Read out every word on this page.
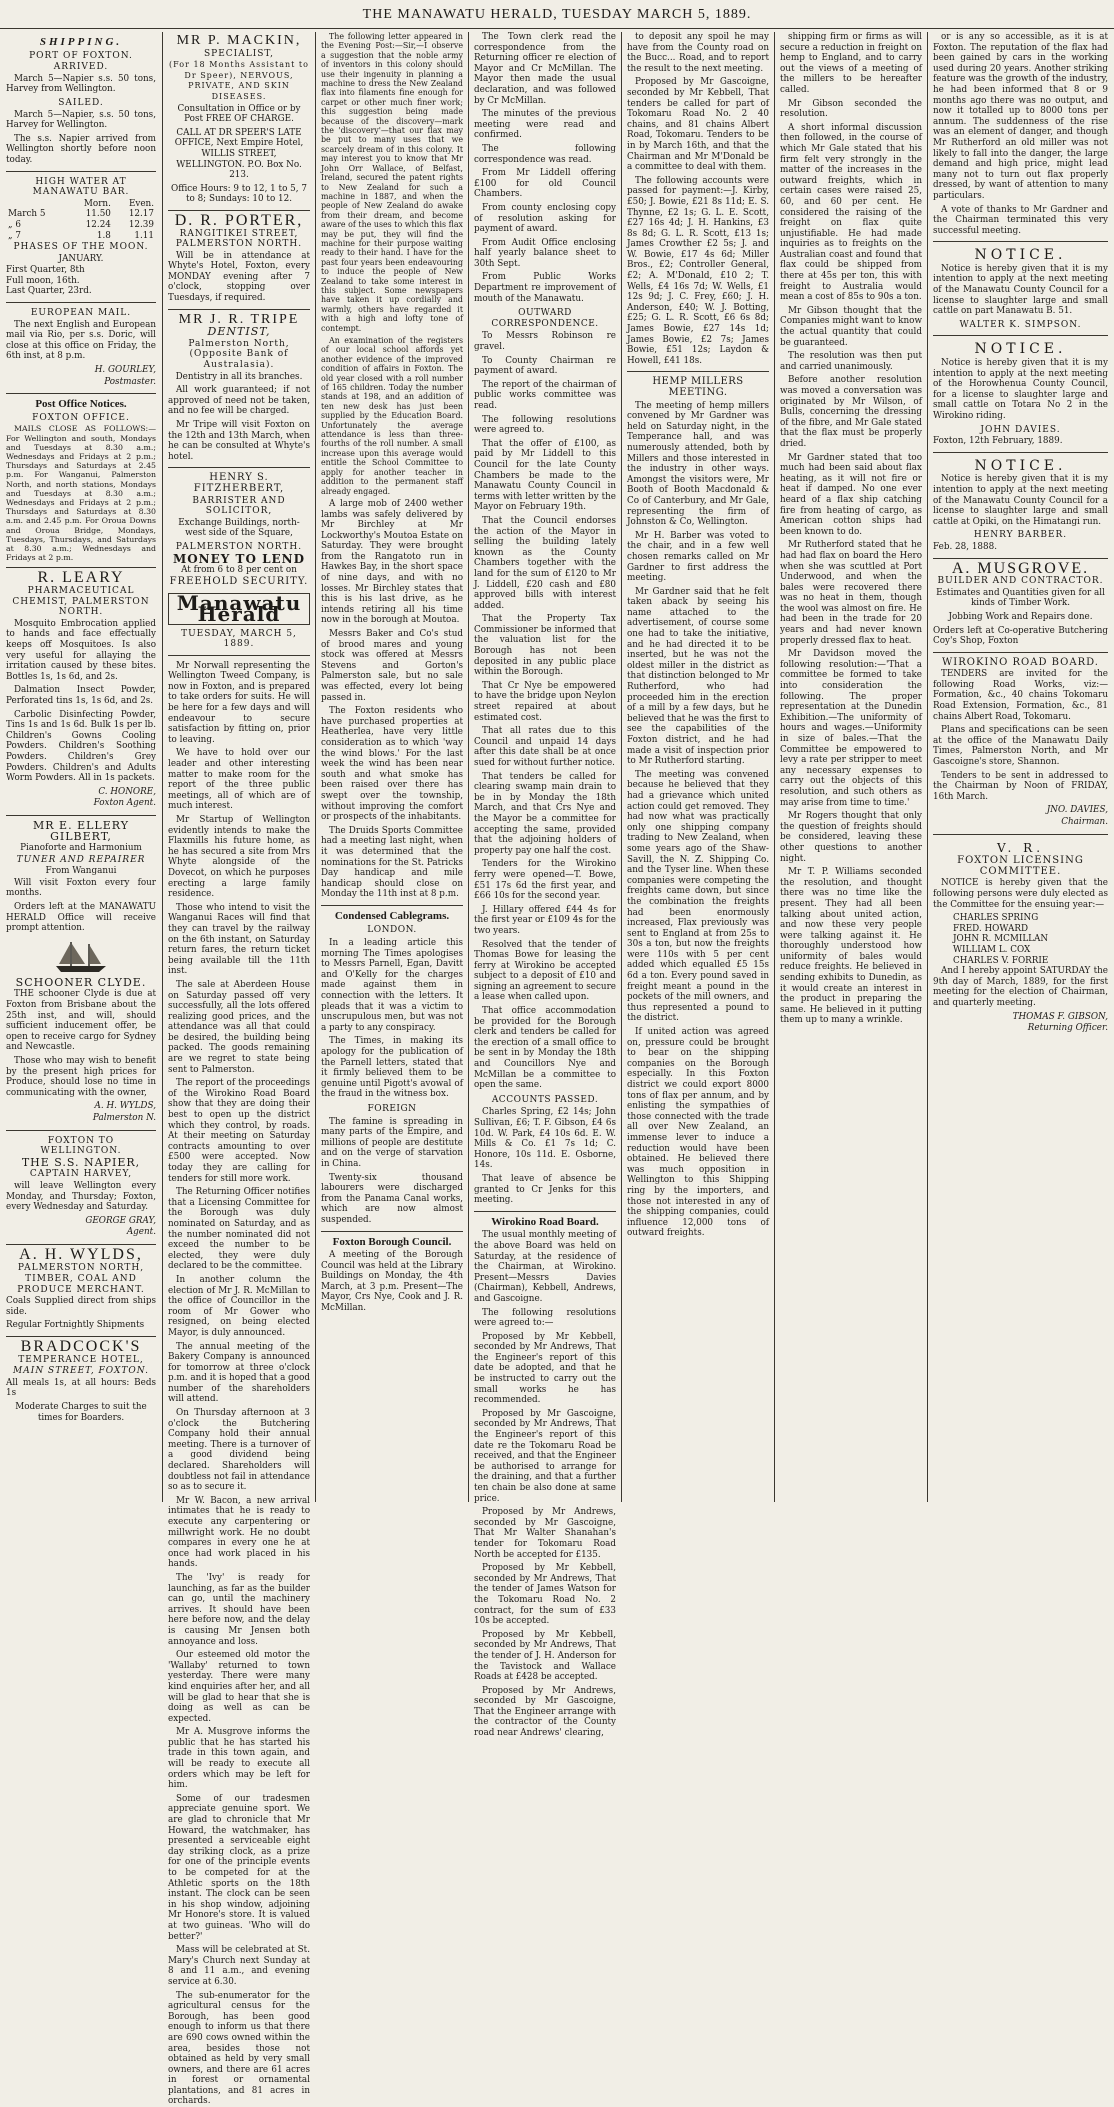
THE MANAWATU HERALD, TUESDAY MARCH 5, 1889.
SHIPPING.
PORT OF FOXTON.
ARRIVED.

March 5—Napier s.s. 50 tons, Harvey from Wellington.

SAILED.

March 5—Napier, s.s. 50 tons, Harvey for Wellington.

The s.s. Napier arrived from Wellington shortly before noon today.

HIGH WATER AT MANAWATU BAR.
	Morn.	Even.
March 5	11.50	12.17
„ 6	12.24	12.39
„ 7	1.8	1.11
PHASES OF THE MOON.
JANUARY.
First Quarter, 8th
Full moon, 16th.
Last Quarter, 23rd.
EUROPEAN MAIL.

The next English and European mail via Rio, per s.s. Doric, will close at this office on Friday, the 6th inst, at 8 p.m.

H. GOURLEY,
Postmaster.
Post Office Notices.
FOXTON OFFICE.

MAILS CLOSE AS FOLLOWS:— For Wellington and south, Mondays and Tuesdays at 8.30 a.m.; Wednesdays and Fridays at 2 p.m.; Thursdays and Saturdays at 2.45 p.m. For Wanganui, Palmerston North, and north stations, Mondays and Tuesdays at 8.30 a.m.; Wednesdays and Fridays at 2 p.m.; Thursdays and Saturdays at 8.30 a.m. and 2.45 p.m. For Oroua Downs and Oroua Bridge, Mondays, Tuesdays, Thursdays, and Saturdays at 8.30 a.m.; Wednesdays and Fridays at 2 p.m.

R. LEARY
PHARMACEUTICAL CHEMIST, PALMERSTON NORTH.

Mosquito Embrocation applied to hands and face effectually keeps off Mosquitoes. Is also very useful for allaying the irritation caused by these bites. Bottles 1s, 1s 6d, and 2s.

Dalmation Insect Powder, Perforated tins 1s, 1s 6d, and 2s.

Carbolic Disinfecting Powder, Tins 1s and 1s 6d. Bulk 1s per lb. Children's Gowns Cooling Powders. Children's Soothing Powders. Children's Grey Powders. Children's and Adults Worm Powders. All in 1s packets.

C. HONORE,
Foxton Agent.
MR E. ELLERY GILBERT,
Pianoforte and Harmonium
TUNER AND REPAIRER
From Wanganui

Will visit Foxton every four months.

Orders left at the MANAWATU HERALD Office will receive prompt attention.

SCHOONER CLYDE.

THE schooner Clyde is due at Foxton from Brisbane about the 25th inst, and will, should sufficient inducement offer, be open to receive cargo for Sydney and Newcastle.

Those who may wish to benefit by the present high prices for Produce, should lose no time in communicating with the owner,

A. H. WYLDS,
Palmerston N.
FOXTON TO WELLINGTON.
THE S.S. NAPIER,
CAPTAIN HARVEY,

will leave Wellington every Monday, and Thursday; Foxton, every Wednesday and Saturday.

GEORGE GRAY,
Agent.
A. H. WYLDS,
PALMERSTON NORTH,
TIMBER, COAL AND PRODUCE MERCHANT.

Coals Supplied direct from ships side.

Regular Fortnightly Shipments

BRADCOCK'S
TEMPERANCE HOTEL,
MAIN STREET, FOXTON.

All meals 1s, at all hours: Beds 1s

Moderate Charges to suit the times for Boarders.

MR P. MACKIN,
SPECIALIST,
(For 18 Months Assistant to Dr Speer), NERVOUS, PRIVATE, AND SKIN DISEASES.

Consultation in Office or by Post FREE OF CHARGE.

CALL AT DR SPEER'S LATE OFFICE, Next Empire Hotel, WILLIS STREET, WELLINGTON. P.O. Box No. 213.

Office Hours: 9 to 12, 1 to 5, 7 to 8; Sundays: 10 to 12.

D. R. PORTER,
RANGITIKEI STREET, PALMERSTON NORTH.

Will be in attendance at Whyte's Hotel, Foxton, every MONDAY evening after 7 o'clock, stopping over Tuesdays, if required.

MR J. R. TRIPE
DENTIST,
Palmerston North, (Opposite Bank of Australasia).

Dentistry in all its branches.

All work guaranteed; if not approved of need not be taken, and no fee will be charged.

Mr Tripe will visit Foxton on the 12th and 13th March, when he can be consulted at Whyte's hotel.

HENRY S. FITZHERBERT,
BARRISTER AND SOLICITOR,

Exchange Buildings, north-west side of the Square,

PALMERSTON NORTH.
MONEY TO LEND
At from 6 to 8 per cent on
FREEHOLD SECURITY.
Manawatu Herald
TUESDAY, MARCH 5, 1889.

Mr Norwall representing the Wellington Tweed Company, is now in Foxton, and is prepared to take orders for suits. He will be here for a few days and will endeavour to secure satisfaction by fitting on, prior to leaving.

We have to hold over our leader and other interesting matter to make room for the report of the three public meetings, all of which are of much interest.

Mr Startup of Wellington evidently intends to make the Flaxmills his future home, as he has secured a site from Mrs Whyte alongside of the Dovecot, on which he purposes erecting a large family residence.

Those who intend to visit the Wanganui Races will find that they can travel by the railway on the 6th instant, on Saturday return fares, the return ticket being available till the 11th inst.

The sale at Aberdeen House on Saturday passed off very successfully, all the lots offered realizing good prices, and the attendance was all that could be desired, the building being packed. The goods remaining are we regret to state being sent to Palmerston.

The report of the proceedings of the Wirokino Road Board show that they are doing their best to open up the district which they control, by roads. At their meeting on Saturday contracts amounting to over £500 were accepted. Now today they are calling for tenders for still more work.

The Returning Officer notifies that a Licensing Committee for the Borough was duly nominated on Saturday, and as the number nominated did not exceed the number to be elected, they were duly declared to be the committee.

In another column the election of Mr J. R. McMillan to the office of Councillor in the room of Mr Gower who resigned, on being elected Mayor, is duly announced.

The annual meeting of the Bakery Company is announced for tomorrow at three o'clock p.m. and it is hoped that a good number of the shareholders will attend.

On Thursday afternoon at 3 o'clock the Butchering Company hold their annual meeting. There is a turnover of a good dividend being declared. Shareholders will doubtless not fail in attendance so as to secure it.

Mr W. Bacon, a new arrival intimates that he is ready to execute any carpentering or millwright work. He no doubt compares in every one he at once had work placed in his hands.

The 'Ivy' is ready for launching, as far as the builder can go, until the machinery arrives. It should have been here before now, and the delay is causing Mr Jensen both annoyance and loss.

Our esteemed old motor the 'Wallaby' returned to town yesterday. There were many kind enquiries after her, and all will be glad to hear that she is doing as well as can be expected.

Mr A. Musgrove informs the public that he has started his trade in this town again, and will be ready to execute all orders which may be left for him.

Some of our tradesmen appreciate genuine sport. We are glad to chronicle that Mr Howard, the watchmaker, has presented a serviceable eight day striking clock, as a prize for one of the principle events to be competed for at the Athletic sports on the 18th instant. The clock can be seen in his shop window, adjoining Mr Honore's store. It is valued at two guineas. 'Who will do better?'

Mass will be celebrated at St. Mary's Church next Sunday at 8 and 11 a.m., and evening service at 6.30.

The sub-enumerator for the agricultural census for the Borough, has been good enough to inform us that there are 690 cows owned within the area, besides those not obtained as held by very small owners, and there are 61 acres in forest or ornamental plantations, and 81 acres in orchards.

The following letter appeared in the Evening Post:—Sir,—I observe a suggestion that the noble army of inventors in this colony should use their ingenuity in planning a machine to dress the New Zealand flax into filaments fine enough for carpet or other much finer work; this suggestion being made because of the discovery—mark the 'discovery'—that our flax may be put to many uses that we scarcely dream of in this colony. It may interest you to know that Mr John Orr Wallace, of Belfast, Ireland, secured the patent rights to New Zealand for such a machine in 1887, and when the people of New Zealand do awake from their dream, and become aware of the uses to which this flax may be put, they will find the machine for their purpose waiting ready to their hand. I have for the past four years been endeavouring to induce the people of New Zealand to take some interest in this subject. Some newspapers have taken it up cordially and warmly, others have regarded it with a high and lofty tone of contempt.

An examination of the registers of our local school affords yet another evidence of the improved condition of affairs in Foxton. The old year closed with a roll number of 165 children. Today the number stands at 198, and an addition of ten new desk has just been supplied by the Education Board. Unfortunately the average attendance is less than three-fourths of the roll number. A small increase upon this average would entitle the School Committee to apply for another teacher in addition to the permanent staff already engaged.

A large mob of 2400 wether lambs was safely delivered by Mr Birchley at Mr Lockworthy's Moutoa Estate on Saturday. They were brought from the Rangatoto run in Hawkes Bay, in the short space of nine days, and with no losses. Mr Birchley states that this is his last drive, as he intends retiring all his time now in the borough at Moutoa.

Messrs Baker and Co's stud of brood mares and young stock was offered at Messrs Stevens and Gorton's Palmerston sale, but no sale was effected, every lot being passed in.

The Foxton residents who have purchased properties at Heatherlea, have very little consideration as to which 'way the wind blows.' For the last week the wind has been near south and what smoke has been raised over there has swept over the township, without improving the comfort or prospects of the inhabitants.

The Druids Sports Committee had a meeting last night, when it was determined that the nominations for the St. Patricks Day handicap and mile handicap should close on Monday the 11th inst at 8 p.m.

Condensed Cablegrams.
LONDON.

In a leading article this morning The Times apologises to Messrs Parnell, Egan, Davitt and O'Kelly for the charges made against them in connection with the letters. It pleads that it was a victim to unscrupulous men, but was not a party to any conspiracy.

The Times, in making its apology for the publication of the Parnell letters, stated that it firmly believed them to be genuine until Pigott's avowal of the fraud in the witness box.

FOREIGN

The famine is spreading in many parts of the Empire, and millions of people are destitute and on the verge of starvation in China.

Twenty-six thousand labourers were discharged from the Panama Canal works, which are now almost suspended.

Foxton Borough Council.

A meeting of the Borough Council was held at the Library Buildings on Monday, the 4th March, at 3 p.m. Present—The Mayor, Crs Nye, Cook and J. R. McMillan.

The Town clerk read the correspondence from the Returning officer re election of Mayor and Cr McMillan. The Mayor then made the usual declaration, and was followed by Cr McMillan.

The minutes of the previous meeting were read and confirmed.

The following correspondence was read.

From Mr Liddell offering £100 for old Council Chambers.

From county enclosing copy of resolution asking for payment of award.

From Audit Office enclosing half yearly balance sheet to 30th Sept.

From Public Works Department re improvement of mouth of the Manawatu.

OUTWARD CORRESPONDENCE.

To Messrs Robinson re gravel.

To County Chairman re payment of award.

The report of the chairman of public works committee was read.

The following resolutions were agreed to.

That the offer of £100, as paid by Mr Liddell to this Council for the late County Chambers be made to the Manawatu County Council in terms with letter written by the Mayor on February 19th.

That the Council endorses the action of the Mayor in selling the building lately known as the County Chambers together with the land for the sum of £120 to Mr J. Liddell, £20 cash and £80 approved bills with interest added.

That the Property Tax Commissioner be informed that the valuation list for the Borough has not been deposited in any public place within the Borough.

That Cr Nye be empowered to have the bridge upon Neylon street repaired at about estimated cost.

That all rates due to this Council and unpaid 14 days after this date shall be at once sued for without further notice.

That tenders be called for clearing swamp main drain to be in by Monday the 18th March, and that Crs Nye and the Mayor be a committee for accepting the same, provided that the adjoining holders of property pay one half the cost.

Tenders for the Wirokino ferry were opened—T. Bowe, £51 17s 6d the first year, and £66 10s for the second year.

J. Hillary offered £44 4s for the first year or £109 4s for the two years.

Resolved that the tender of Thomas Bowe for leasing the ferry at Wirokino be accepted subject to a deposit of £10 and signing an agreement to secure a lease when called upon.

That office accommodation be provided for the Borough clerk and tenders be called for the erection of a small office to be sent in by Monday the 18th and Councillors Nye and McMillan be a committee to open the same.

ACCOUNTS PASSED.

Charles Spring, £2 14s; John Sullivan, £6; T. F. Gibson, £4 6s 10d. W. Park, £4 10s 6d. E. W. Mills & Co. £1 7s 1d; C. Honore, 10s 11d. E. Osborne, 14s.

That leave of absence be granted to Cr Jenks for this meeting.

Wirokino Road Board.

The usual monthly meeting of the above Board was held on Saturday, at the residence of the Chairman, at Wirokino. Present—Messrs Davies (Chairman), Kebbell, Andrews, and Gascoigne.

The following resolutions were agreed to:—

Proposed by Mr Kebbell, seconded by Mr Andrews, That the Engineer's report of this date be adopted, and that he be instructed to carry out the small works he has recommended.

Proposed by Mr Gascoigne, seconded by Mr Andrews, That the Engineer's report of this date re the Tokomaru Road be received, and that the Engineer be authorised to arrange for the draining, and that a further ten chain be also done at same price.

Proposed by Mr Andrews, seconded by Mr Gascoigne, That Mr Walter Shanahan's tender for Tokomaru Road North be accepted for £135.

Proposed by Mr Kebbell, seconded by Mr Andrews, That the tender of James Watson for the Tokomaru Road No. 2 contract, for the sum of £33 10s be accepted.

Proposed by Mr Kebbell, seconded by Mr Andrews, That the tender of J. H. Anderson for the Tavistock and Wallace Roads at £428 be accepted.

Proposed by Mr Andrews, seconded by Mr Gascoigne, That the Engineer arrange with the contractor of the County road near Andrews' clearing,

to deposit any spoil he may have from the County road on the Bucc... Road, and to report the result to the next meeting.

Proposed by Mr Gascoigne, seconded by Mr Kebbell, That tenders be called for part of Tokomaru Road No. 2 40 chains, and 81 chains Albert Road, Tokomaru. Tenders to be in by March 16th, and that the Chairman and Mr M'Donald be a committee to deal with them.

The following accounts were passed for payment:—J. Kirby, £50; J. Bowie, £21 8s 11d; E. S. Thynne, £2 1s; G. L. E. Scott, £27 16s 4d; J. H. Hankins, £3 8s 8d; G. L. R. Scott, £13 1s; James Crowther £2 5s; J. and W. Bowie, £17 4s 6d; Miller Bros., £2; Controller General, £2; A. M'Donald, £10 2; T. Wells, £4 16s 7d; W. Wells, £1 12s 9d; J. C. Frey, £60; J. H. Anderson, £40; W. J. Botting, £25; G. L. R. Scott, £6 6s 8d; James Bowie, £27 14s 1d; James Bowie, £2 7s; James Bowie, £51 12s; Laydon & Howell, £41 18s.

HEMP MILLERS MEETING.

The meeting of hemp millers convened by Mr Gardner was held on Saturday night, in the Temperance hall, and was numerously attended, both by Millers and those interested in the industry in other ways. Amongst the visitors were, Mr Booth of Booth Macdonald & Co of Canterbury, and Mr Gale, representing the firm of Johnston & Co, Wellington.

Mr H. Barber was voted to the chair, and in a few well chosen remarks called on Mr Gardner to first address the meeting.

Mr Gardner said that he felt taken aback by seeing his name attached to the advertisement, of course some one had to take the initiative, and he had directed it to be inserted, but he was not the oldest miller in the district as that distinction belonged to Mr Rutherford, who had proceeded him in the erection of a mill by a few days, but he believed that he was the first to see the capabilities of the Foxton district, and he had made a visit of inspection prior to Mr Rutherford starting.

The meeting was convened because he believed that they had a grievance which united action could get removed. They had now what was practically only one shipping company trading to New Zealand, when some years ago of the Shaw-Savill, the N. Z. Shipping Co. and the Tyser line. When these companies were competing the freights came down, but since the combination the freights had been enormously increased, Flax previously was sent to England at from 25s to 30s a ton, but now the freights were 110s with 5 per cent added which equalled £5 15s 6d a ton. Every pound saved in freight meant a pound in the pockets of the mill owners, and thus represented a pound to the district.

If united action was agreed on, pressure could be brought to bear on the shipping companies on the Borough especially. In this Foxton district we could export 8000 tons of flax per annum, and by enlisting the sympathies of those connected with the trade all over New Zealand, an immense lever to induce a reduction would have been obtained. He believed there was much opposition in Wellington to this Shipping ring by the importers, and those not interested in any of the shipping companies, could influence 12,000 tons of outward freights.

shipping firm or firms as will secure a reduction in freight on hemp to England, and to carry out the views of a meeting of the millers to be hereafter called.

Mr Gibson seconded the resolution.

A short informal discussion then followed, in the course of which Mr Gale stated that his firm felt very strongly in the matter of the increases in the outward freights, which in certain cases were raised 25, 60, and 60 per cent. He considered the raising of the freight on flax quite unjustifiable. He had made inquiries as to freights on the Australian coast and found that flax could be shipped from there at 45s per ton, this with freight to Australia would mean a cost of 85s to 90s a ton.

Mr Gibson thought that the Companies might want to know the actual quantity that could be guaranteed.

The resolution was then put and carried unanimously.

Before another resolution was moved a conversation was originated by Mr Wilson, of Bulls, concerning the dressing of the fibre, and Mr Gale stated that the flax must be properly dried.

Mr Gardner stated that too much had been said about flax heating, as it will not fire or heat if damped. No one ever heard of a flax ship catching fire from heating of cargo, as American cotton ships had been known to do.

Mr Rutherford stated that he had had flax on board the Hero when she was scuttled at Port Underwood, and when the bales were recovered there was no heat in them, though the wool was almost on fire. He had been in the trade for 20 years and had never known properly dressed flax to heat.

Mr Davidson moved the following resolution:—'That a committee be formed to take into consideration the following. The proper representation at the Dunedin Exhibition.—The uniformity of hours and wages.—Uniformity in size of bales.—That the Committee be empowered to levy a rate per stripper to meet any necessary expenses to carry out the objects of this resolution, and such others as may arise from time to time.'

Mr Rogers thought that only the question of freights should be considered, leaving these other questions to another night.

Mr T. P. Williams seconded the resolution, and thought there was no time like the present. They had all been talking about united action, and now these very people were talking against it. He thoroughly understood how uniformity of bales would reduce freights. He believed in sending exhibits to Dunedin, as it would create an interest in the product in preparing the same. He believed in it putting them up to many a wrinkle.

or is any so accessible, as it is at Foxton. The reputation of the flax had been gained by cars in the working used during 20 years. Another striking feature was the growth of the industry, he had been informed that 8 or 9 months ago there was no output, and now it totalled up to 8000 tons per annum. The suddenness of the rise was an element of danger, and though Mr Rutherford an old miller was not likely to fall into the danger, the large demand and high price, might lead many not to turn out flax properly dressed, by want of attention to many particulars.

A vote of thanks to Mr Gardner and the Chairman terminated this very successful meeting.

NOTICE.

Notice is hereby given that it is my intention to apply at the next meeting of the Manawatu County Council for a license to slaughter large and small cattle on part Manawatu B. 51.

WALTER K. SIMPSON.
NOTICE.

Notice is hereby given that it is my intention to apply at the next meeting of the Horowhenua County Council, for a license to slaughter large and small cattle on Totara No 2 in the Wirokino riding.

JOHN DAVIES.
Foxton, 12th February, 1889.
NOTICE.

Notice is hereby given that it is my intention to apply at the next meeting of the Manawatu County Council for a license to slaughter large and small cattle at Opiki, on the Himatangi run.

HENRY BARBER.
Feb. 28, 1888.
A. MUSGROVE.
BUILDER AND CONTRACTOR.

Estimates and Quantities given for all kinds of Timber Work.

Jobbing Work and Repairs done.

Orders left at Co-operative Butchering Coy's Shop, Foxton

WIROKINO ROAD BOARD.

TENDERS are invited for the following Road Works, viz:—Formation, &c., 40 chains Tokomaru Road Extension, Formation, &c., 81 chains Albert Road, Tokomaru.

Plans and specifications can be seen at the office of the Manawatu Daily Times, Palmerston North, and Mr Gascoigne's store, Shannon.

Tenders to be sent in addressed to the Chairman by Noon of FRIDAY, 16th March.

JNO. DAVIES,
Chairman.
V. R.
FOXTON LICENSING COMMITTEE.

NOTICE is hereby given that the following persons were duly elected as the Committee for the ensuing year:—

CHARLES SPRING
FRED. HOWARD
JOHN R. MCMILLAN
WILLIAM L. COX
CHARLES V. FORRIE

And I hereby appoint SATURDAY the 9th day of March, 1889, for the first meeting for the election of Chairman, and quarterly meeting.

THOMAS F. GIBSON,
Returning Officer.
